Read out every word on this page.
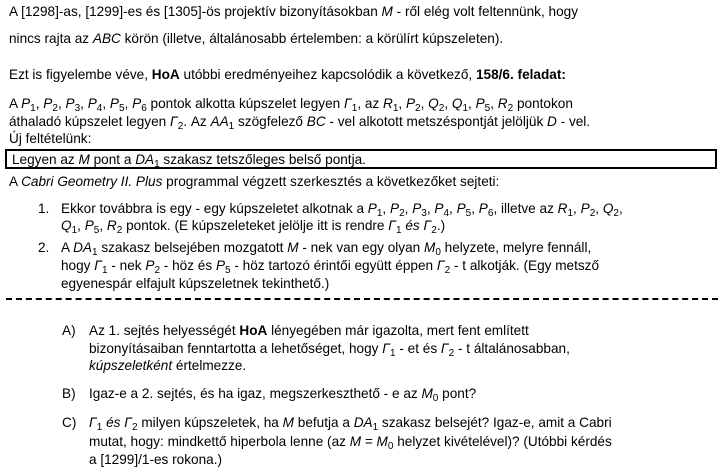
A [1298]-as, [1299]-es és [1305]-ös projektív bizonyításokban M - ről elég volt feltennünk, hogy
nincs rajta az ABC körön (illetve, általánosabb értelemben: a körülírt kúpszeleten).
Ezt is figyelembe véve, HoA utóbbi eredményeihez kapcsolódik a következő, 158/6. feladat:
A $P_1$, $P_2$, $P_3$, $P_4$, $P_5$, $P_6$ pontok alkotta kúpszelet legyen $\Gamma_1$, az $R_1$, $P_2$, $Q_2$, $Q_1$, $P_5$, $R_2$ pontokon
áthaladó kúpszelet legyen $\Gamma_2$. Az $AA_1$ szögfelező BC - vel alkotott metszéspontját jelöljük D - vel.
Új feltételünk:
Legyen az M pont a $DA_1$ szakasz tetszőleges belső pontja.
A Cabri Geometry II. Plus programmal végzett szerkesztés a következőket sejteti:
1. Ekkor továbbra is egy - egy kúpszeletet alkotnak a $P_1$, $P_2$, $P_3$, $P_4$, $P_5$, $P_6$, illetve az $R_1$, $P_2$, $Q_2$,
$Q_1$, $P_5$, $R_2$ pontok. (E kúpszeleteket jelölje itt is rendre $\Gamma_1$ és $\Gamma_2$.)
2. A $DA_1$ szakasz belsejében mozgatott M - nek van egy olyan $M_0$ helyzete, melyre fennáll,
hogy $\Gamma_1$ - nek $P_2$ - höz és $P_5$ - höz tartozó érintői együtt éppen $\Gamma_2$ - t alkotják. (Egy metsző
egyenespár elfajult kúpszeletnek tekinthető.)
A) Az 1. sejtés helyességét HoA lényegében már igazolta, mert fent említett
bizonyításaiban fenntartotta a lehetőséget, hogy $\Gamma_1$ - et és $\Gamma_2$ - t általánosabban,
kúpszeletként értelmezze.
B) Igaz-e a 2. sejtés, és ha igaz, megszerkeszthető - e az $M_0$ pont?
C) $\Gamma_1$ és $\Gamma_2$ milyen kúpszeletek, ha M befutja a $DA_1$ szakasz belsejét? Igaz-e, amit a Cabri
mutat, hogy: mindkettő hiperbola lenne (az $M = M_0$ helyzet kivételével)? (Utóbbi kérdés
a [1299]/1-es rokona.)
